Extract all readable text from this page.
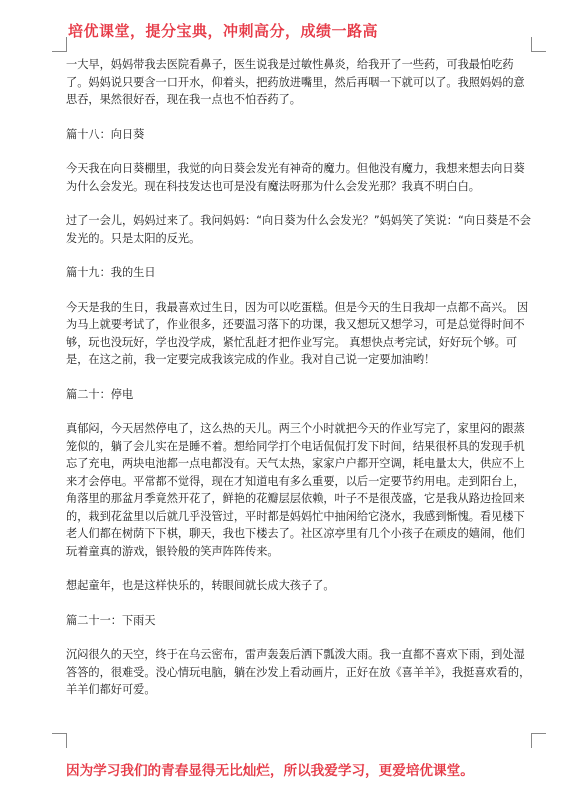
培优课堂，提分宝典，冲刺高分，成绩一路高

一大早，妈妈带我去医院看鼻子，医生说我是过敏性鼻炎，给我开了一些药，可我最怕吃药了。妈妈说只要含一口开水，仰着头，把药放进嘴里，然后再咽一下就可以了。我照妈妈的意思吞，果然很好吞，现在我一点也不怕吞药了。

篇十八：向日葵

今天我在向日葵棚里，我觉的向日葵会发光有神奇的魔力。但他没有魔力，我想来想去向日葵为什么会发光。现在科技发达也可是没有魔法呀那为什么会发光那？我真不明白白。

过了一会儿，妈妈过来了。我问妈妈：“向日葵为什么会发光？”妈妈笑了笑说：“向日葵是不会发光的。只是太阳的反光。

篇十九：我的生日

今天是我的生日，我最喜欢过生日，因为可以吃蛋糕。但是今天的生日我却一点都不高兴。 因为马上就要考试了，作业很多，还要温习落下的功课，我又想玩又想学习，可是总觉得时间不够，玩也没玩好，学也没学成，紧忙乱赶才把作业写完。 真想快点考完试，好好玩个够。可是，在这之前，我一定要完成我该完成的作业。我对自己说一定要加油哟！

篇二十：停电

真郁闷，今天居然停电了，这么热的天儿。两三个小时就把今天的作业写完了，家里闷的跟蒸笼似的，躺了会儿实在是睡不着。想给同学打个电话侃侃打发下时间，结果很杯具的发现手机忘了充电，两块电池都一点电都没有。天气太热，家家户户都开空调，耗电量太大，供应不上来才会停电。平常都不觉得，现在才知道电有多么重要，以后一定要节约用电。走到阳台上，角落里的那盆月季竟然开花了，鲜艳的花瓣层层依赖，叶子不是很茂盛，它是我从路边捡回来的，栽到花盆里以后就几乎没管过，平时都是妈妈忙中抽闲给它浇水，我感到惭愧。看见楼下老人们都在树荫下下棋，聊天，我也下楼去了。社区凉亭里有几个小孩子在顽皮的嬉闹，他们玩着童真的游戏，银铃般的笑声阵阵传来。

想起童年，也是这样快乐的，转眼间就长成大孩子了。

篇二十一：下雨天

沉闷很久的天空，终于在乌云密布，雷声轰轰后洒下瓢泼大雨。我一直都不喜欢下雨，到处湿答答的，很难受。没心情玩电脑，躺在沙发上看动画片，正好在放《喜羊羊》，我挺喜欢看的，羊羊们都好可爱。

因为学习我们的青春显得无比灿烂，所以我爱学习，更爱培优课堂。
